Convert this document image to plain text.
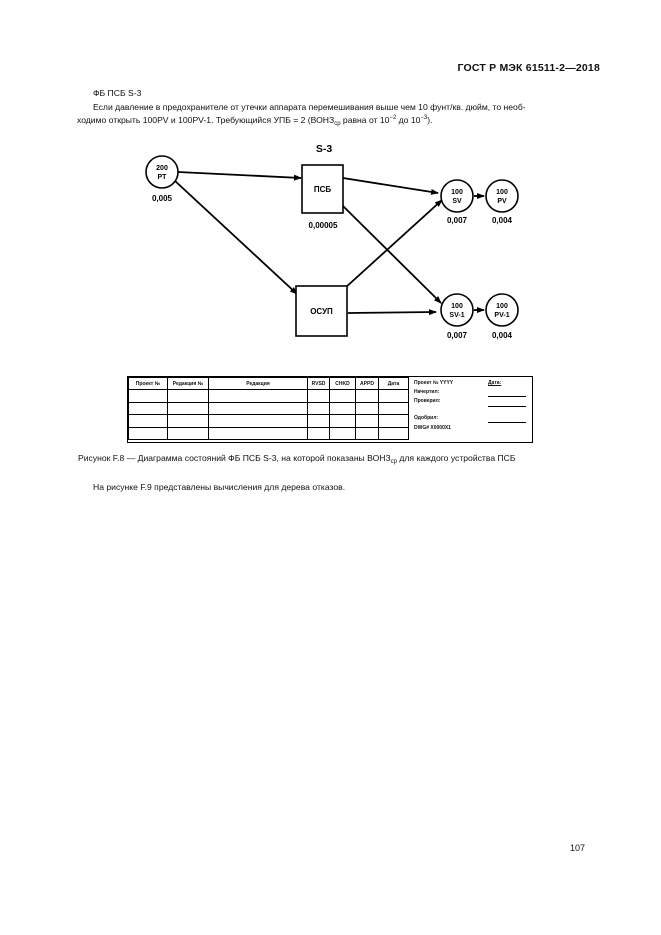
ГОСТ Р МЭК 61511-2—2018
ФБ ПСБ S-3
Если давление в предохранителе от утечки аппарата перемешивания выше чем 10 фунт/кв. дюйм, то необ-
ходимо открыть 100PV и 100PV-1. Требующийся УПБ = 2 ($ВОНЗ_{ср}$ равна от $10^{-2}$ до $10^{-3}$).
S-3
200
PT
0,005
ПСБ
0,00005
ОСУП
100
SV
0,007
100
PV
0,004
100
SV-1
0,007
100
PV-1
0,004
Проект №	Редакция №	Редакция	RVSD	CHKD	APPD	Дата

							Проект № YYYY	Дата:
Начертил:
Проверил:
Одобрил:
DWG# X0000X1
Рисунок F.8 — Диаграмма состояний ФБ ПСБ S-3, на которой показаны $ВОНЗ_{ср}$ для каждого устройства ПСБ
На рисунке F.9 представлены вычисления для дерева отказов.
107
